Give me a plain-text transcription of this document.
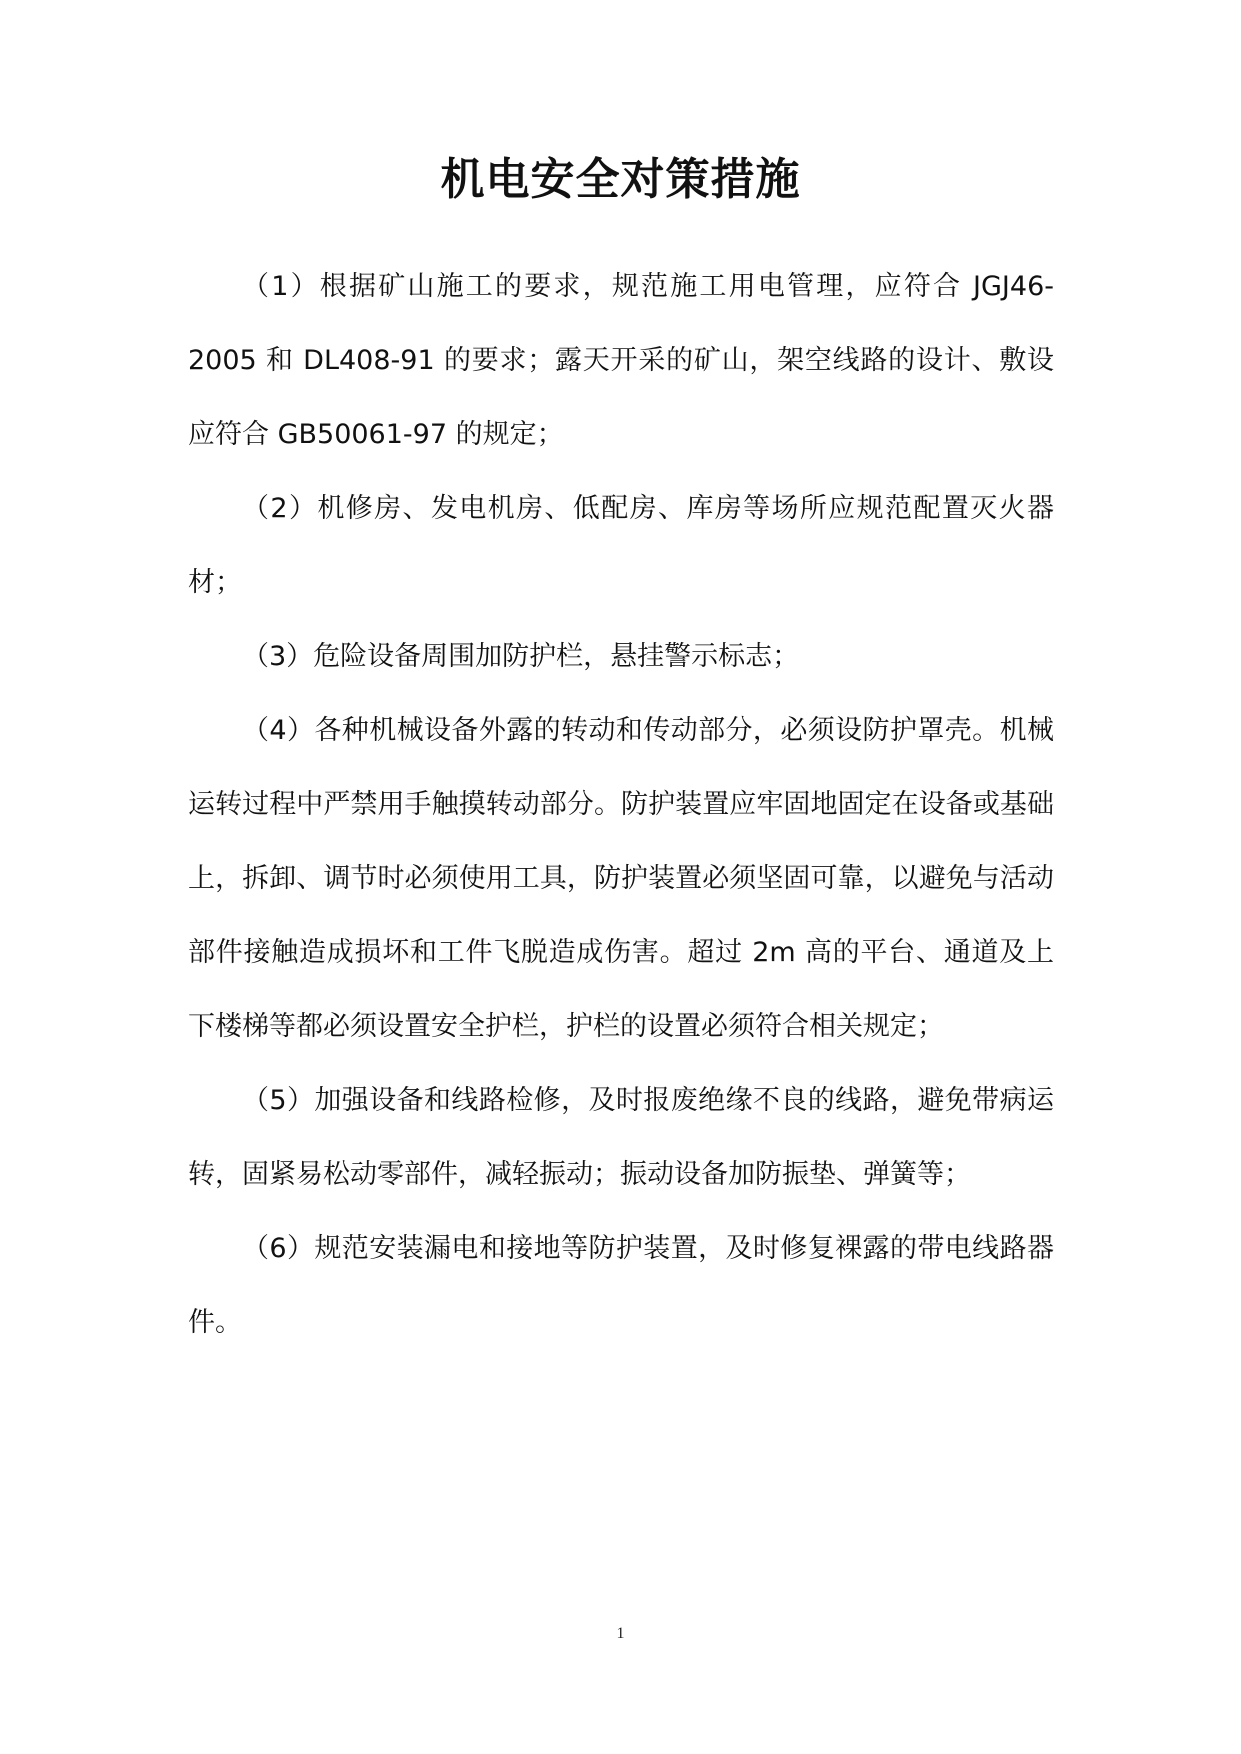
机电安全对策措施

（1）根据矿山施工的要求，规范施工用电管理，应符合 JGJ46-2005 和 DL408-91 的要求；露天开采的矿山，架空线路的设计、敷设应符合 GB50061-97 的规定；

（2）机修房、发电机房、低配房、库房等场所应规范配置灭火器材；

（3）危险设备周围加防护栏，悬挂警示标志；

（4）各种机械设备外露的转动和传动部分，必须设防护罩壳。机械运转过程中严禁用手触摸转动部分。防护装置应牢固地固定在设备或基础上，拆卸、调节时必须使用工具，防护装置必须坚固可靠，以避免与活动部件接触造成损坏和工件飞脱造成伤害。超过 2m 高的平台、通道及上下楼梯等都必须设置安全护栏，护栏的设置必须符合相关规定；

（5）加强设备和线路检修，及时报废绝缘不良的线路，避免带病运转，固紧易松动零部件，减轻振动；振动设备加防振垫、弹簧等；

（6）规范安装漏电和接地等防护装置，及时修复裸露的带电线路器件。

1
